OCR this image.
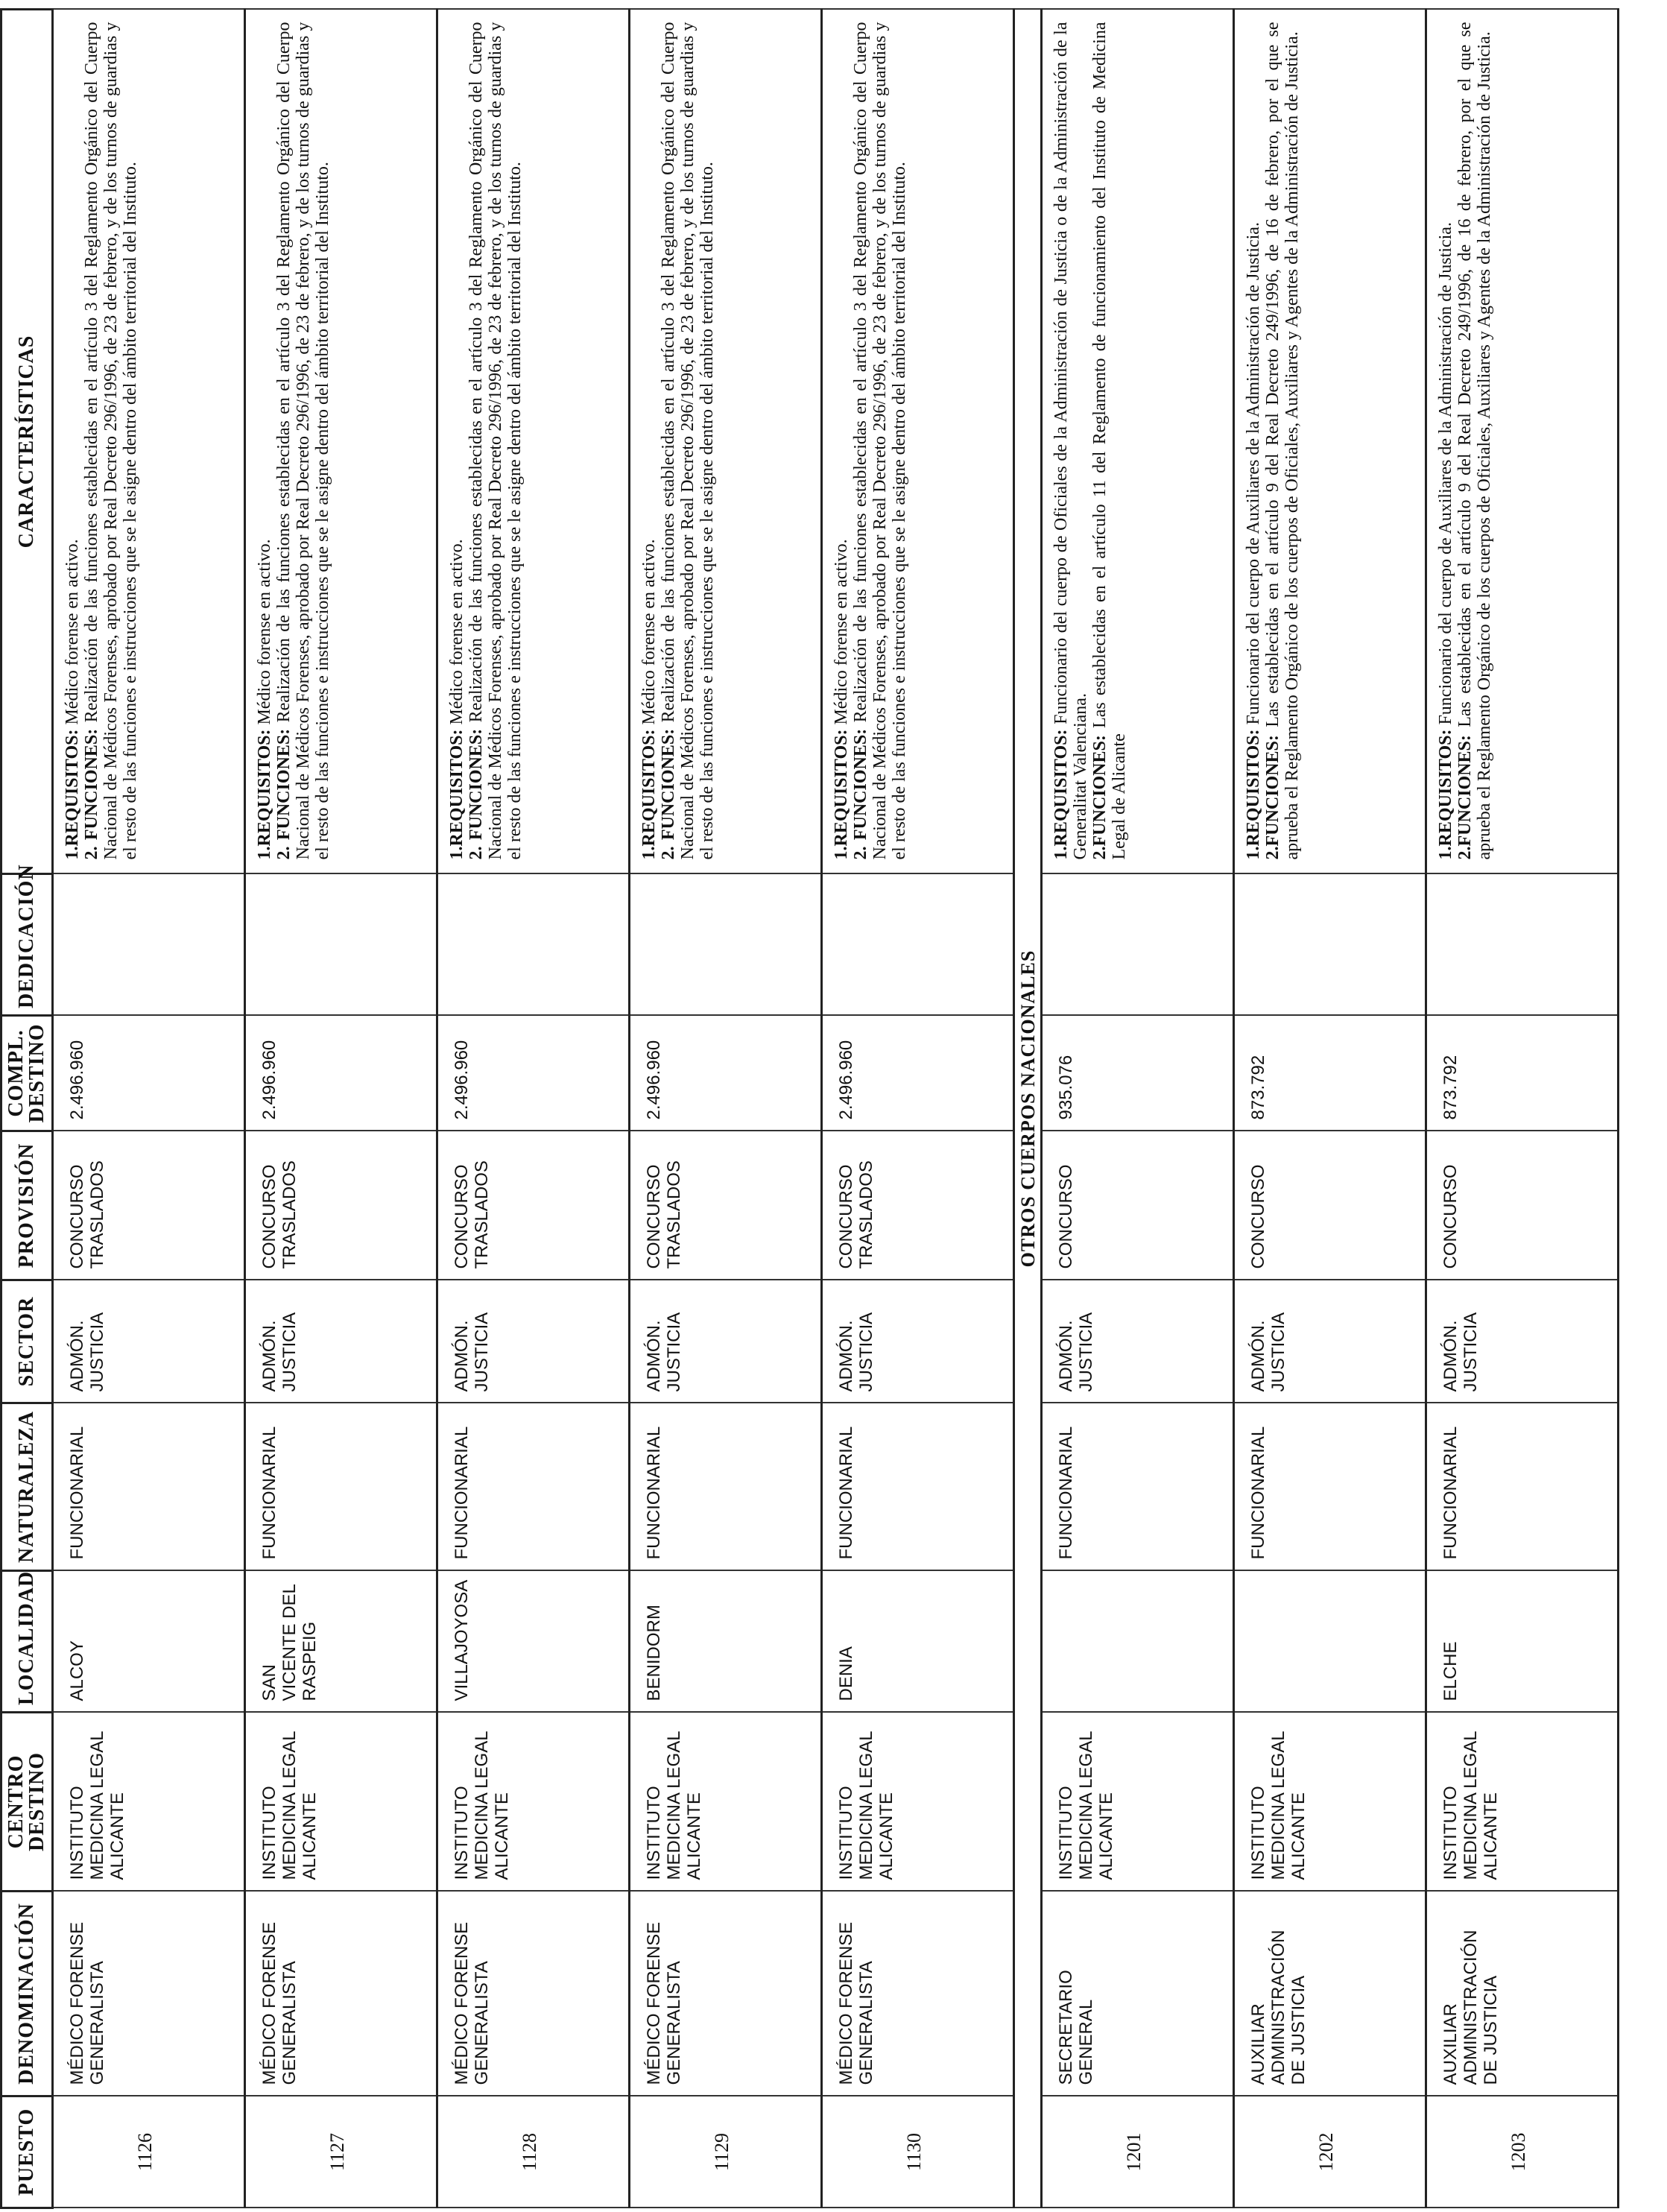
PUESTO	DENOMINACIÓN	CENTRO DESTINO	LOCALIDAD	NATURALEZA	SECTOR	PROVISIÓN	COMPL. DESTINO	DEDICACIÓN	CARACTERÍSTICAS
1126	MÉDICO FORENSE GENERALISTA	INSTITUTO MEDICINA LEGAL ALICANTE	ALCOY	FUNCIONARIAL	ADMÓN. JUSTICIA	CONCURSO TRASLADOS	2.496.960		1.REQUISITOS: Médico forense en activo.

2. FUNCIONES: Realización de las funciones establecidas en el artículo 3 del Reglamento Orgánico del Cuerpo Nacional de Médicos Forenses, aprobado por Real Decreto 296/1996, de 23 de febrero, y de los turnos de guardias y el resto de las funciones e instrucciones que se le asigne dentro del ámbito territorial del Instituto.

1127	MÉDICO FORENSE GENERALISTA	INSTITUTO MEDICINA LEGAL ALICANTE	SAN VICENTE DEL RASPEIG	FUNCIONARIAL	ADMÓN. JUSTICIA	CONCURSO TRASLADOS	2.496.960		1.REQUISITOS: Médico forense en activo.

2. FUNCIONES: Realización de las funciones establecidas en el artículo 3 del Reglamento Orgánico del Cuerpo Nacional de Médicos Forenses, aprobado por Real Decreto 296/1996, de 23 de febrero, y de los turnos de guardias y el resto de las funciones e instrucciones que se le asigne dentro del ámbito territorial del Instituto.

1128	MÉDICO FORENSE GENERALISTA	INSTITUTO MEDICINA LEGAL ALICANTE	VILLAJOYOSA	FUNCIONARIAL	ADMÓN. JUSTICIA	CONCURSO TRASLADOS	2.496.960		1.REQUISITOS: Médico forense en activo.

2. FUNCIONES: Realización de las funciones establecidas en el artículo 3 del Reglamento Orgánico del Cuerpo Nacional de Médicos Forenses, aprobado por Real Decreto 296/1996, de 23 de febrero, y de los turnos de guardias y el resto de las funciones e instrucciones que se le asigne dentro del ámbito territorial del Instituto.

1129	MÉDICO FORENSE GENERALISTA	INSTITUTO MEDICINA LEGAL ALICANTE	BENIDORM	FUNCIONARIAL	ADMÓN. JUSTICIA	CONCURSO TRASLADOS	2.496.960		1.REQUISITOS: Médico forense en activo.

2. FUNCIONES: Realización de las funciones establecidas en el artículo 3 del Reglamento Orgánico del Cuerpo Nacional de Médicos Forenses, aprobado por Real Decreto 296/1996, de 23 de febrero, y de los turnos de guardias y el resto de las funciones e instrucciones que se le asigne dentro del ámbito territorial del Instituto.

1130	MÉDICO FORENSE GENERALISTA	INSTITUTO MEDICINA LEGAL ALICANTE	DENIA	FUNCIONARIAL	ADMÓN. JUSTICIA	CONCURSO TRASLADOS	2.496.960		1.REQUISITOS: Médico forense en activo.

2. FUNCIONES: Realización de las funciones establecidas en el artículo 3 del Reglamento Orgánico del Cuerpo Nacional de Médicos Forenses, aprobado por Real Decreto 296/1996, de 23 de febrero, y de los turnos de guardias y el resto de las funciones e instrucciones que se le asigne dentro del ámbito territorial del Instituto.

OTROS CUERPOS NACIONALES									
1201	SECRETARIO GENERAL	INSTITUTO MEDICINA LEGAL ALICANTE		FUNCIONARIAL	ADMÓN. JUSTICIA	CONCURSO	935.076		1.REQUISITOS: Funcionario del cuerpo de Oficiales de la Administración de Justicia o de la Administración de la Generalitat Valenciana. 2.FUNCIONES: Las establecidas en el artículo 11 del Reglamento de funcionamiento del Instituto de Medicina Legal de Alicante

1202	AUXILIAR ADMINISTRACIÓN DE JUSTICIA	INSTITUTO MEDICINA LEGAL ALICANTE		FUNCIONARIAL	ADMÓN. JUSTICIA	CONCURSO	873.792		1.REQUISITOS: Funcionario del cuerpo de Auxiliares de la Administración de Justicia.

2.FUNCIONES: Las establecidas en el artículo 9 del Real Decreto 249/1996, de 16 de febrero, por el que se aprueba el Reglamento Orgánico de los cuerpos de Oficiales, Auxiliares y Agentes de la Administración de Justicia.

1203	AUXILIAR ADMINISTRACIÓN DE JUSTICIA	INSTITUTO MEDICINA LEGAL ALICANTE	ELCHE	FUNCIONARIAL	ADMÓN. JUSTICIA	CONCURSO	873.792		1.REQUISITOS: Funcionario del cuerpo de Auxiliares de la Administración de Justicia.

2.FUNCIONES: Las establecidas en el artículo 9 del Real Decreto 249/1996, de 16 de febrero, por el que se aprueba el Reglamento Orgánico de los cuerpos de Oficiales, Auxiliares y Agentes de la Administración de Justicia.
